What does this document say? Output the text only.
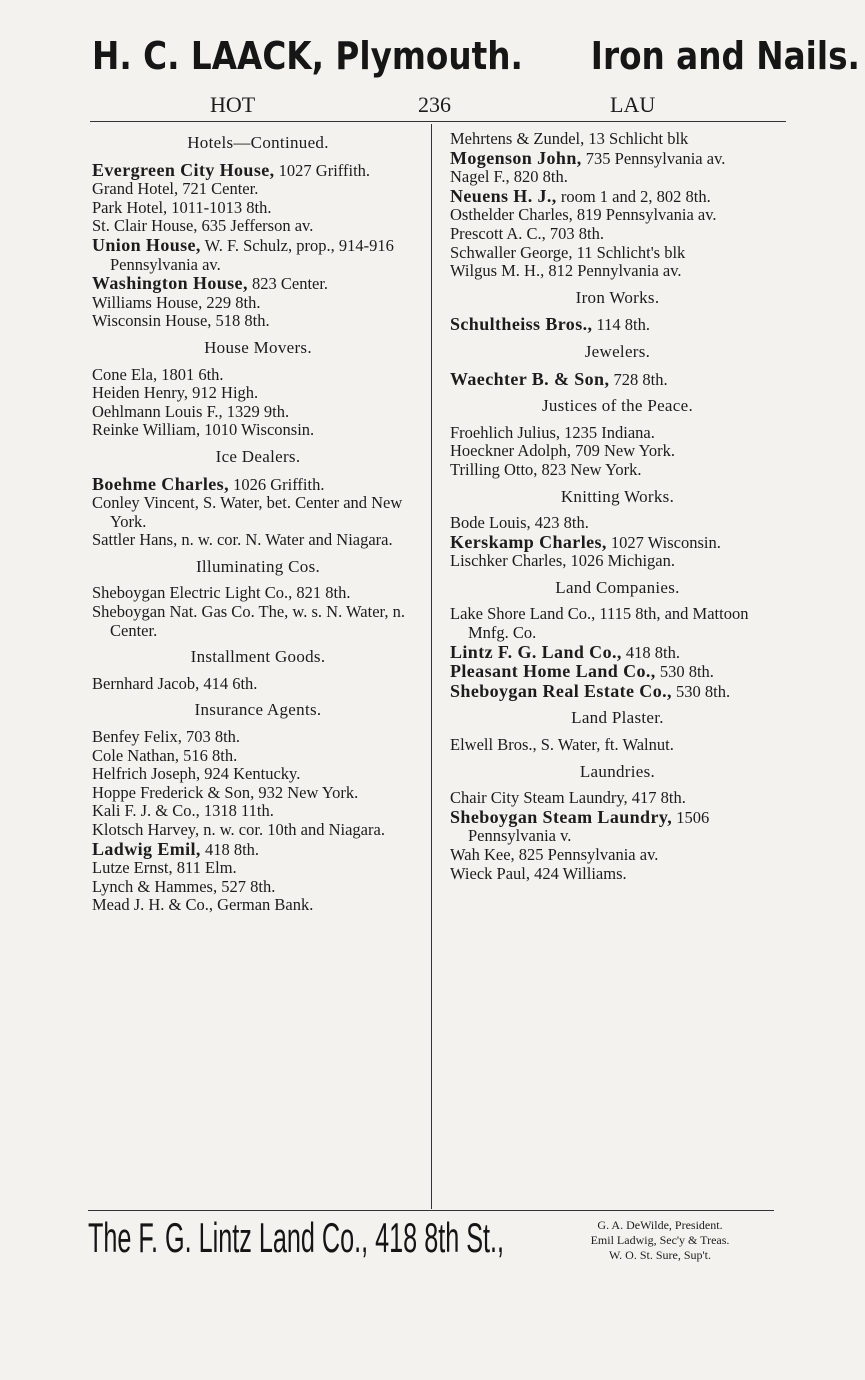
H. C. LAACK, Plymouth. Iron and Nails.
HOT	236	LAU
Hotels—Continued.

Evergreen City House, 1027 Griffith.

Grand Hotel, 721 Center.

Park Hotel, 1011-1013 8th.

St. Clair House, 635 Jefferson av.

Union House, W. F. Schulz, prop., 914-916 Pennsylvania av.

Washington House, 823 Center.

Williams House, 229 8th.

Wisconsin House, 518 8th.

House Movers.

Cone Ela, 1801 6th.

Heiden Henry, 912 High.

Oehlmann Louis F., 1329 9th.

Reinke William, 1010 Wisconsin.

Ice Dealers.

Boehme Charles, 1026 Griffith.

Conley Vincent, S. Water, bet. Center and New York.

Sattler Hans, n. w. cor. N. Water and Niagara.

Illuminating Cos.

Sheboygan Electric Light Co., 821 8th.

Sheboygan Nat. Gas Co. The, w. s. N. Water, n. Center.

Installment Goods.

Bernhard Jacob, 414 6th.

Insurance Agents.

Benfey Felix, 703 8th.

Cole Nathan, 516 8th.

Helfrich Joseph, 924 Kentucky.

Hoppe Frederick & Son, 932 New York.

Kali F. J. & Co., 1318 11th.

Klotsch Harvey, n. w. cor. 10th and Niagara.

Ladwig Emil, 418 8th.

Lutze Ernst, 811 Elm.

Lynch & Hammes, 527 8th.

Mead J. H. & Co., German Bank.

Mehrtens & Zundel, 13 Schlicht blk

Mogenson John, 735 Pennsylvania av.

Nagel F., 820 8th.

Neuens H. J., room 1 and 2, 802 8th.

Osthelder Charles, 819 Pennsylvania av.

Prescott A. C., 703 8th.

Schwaller George, 11 Schlicht's blk

Wilgus M. H., 812 Pennylvania av.

Iron Works.

Schultheiss Bros., 114 8th.

Jewelers.

Waechter B. & Son, 728 8th.

Justices of the Peace.

Froehlich Julius, 1235 Indiana.

Hoeckner Adolph, 709 New York.

Trilling Otto, 823 New York.

Knitting Works.

Bode Louis, 423 8th.

Kerskamp Charles, 1027 Wisconsin.

Lischker Charles, 1026 Michigan.

Land Companies.

Lake Shore Land Co., 1115 8th, and Mattoon Mnfg. Co.

Lintz F. G. Land Co., 418 8th.

Pleasant Home Land Co., 530 8th.

Sheboygan Real Estate Co., 530 8th.

Land Plaster.

Elwell Bros., S. Water, ft. Walnut.

Laundries.

Chair City Steam Laundry, 417 8th.

Sheboygan Steam Laundry, 1506 Pennsylvania v.

Wah Kee, 825 Pennsylvania av.

Wieck Paul, 424 Williams.

The F. G. Lintz Land Co., 418 8th St.,	G. A. DeWilde, President.
Emil Ladwig, Sec'y & Treas.
W. O. St. Sure, Sup't.
